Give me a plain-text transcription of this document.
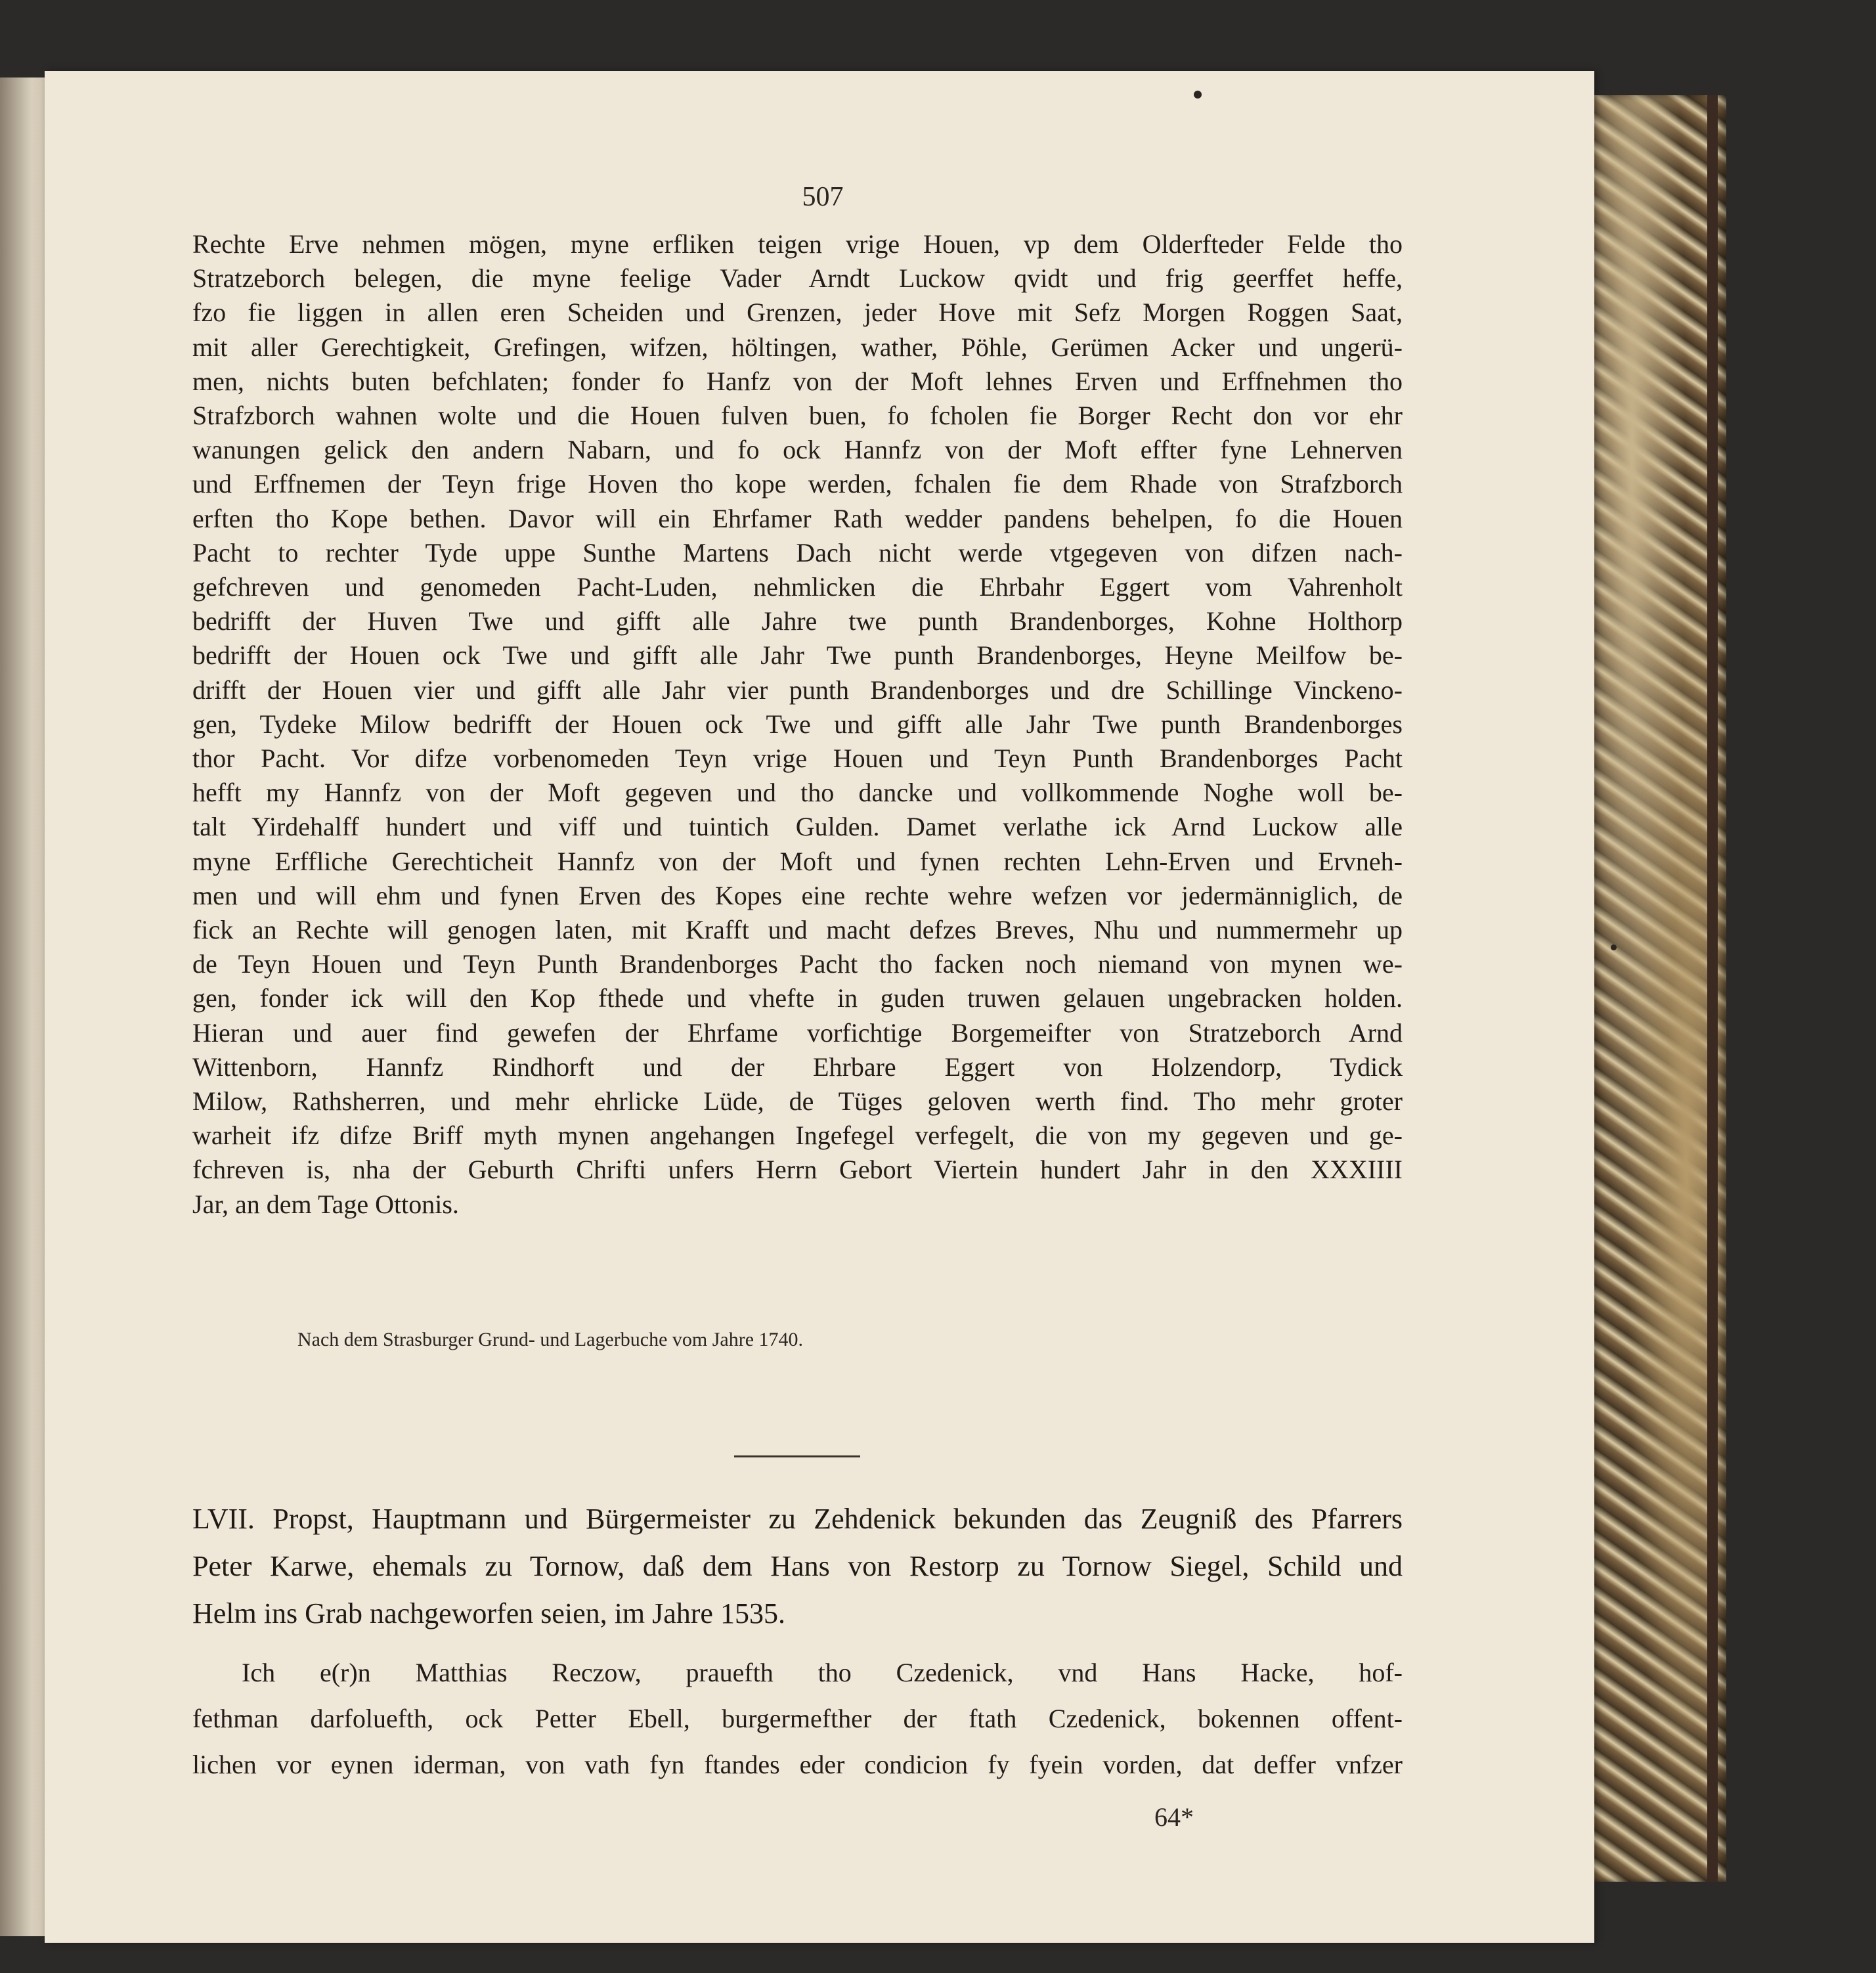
507
Rechte Erve nehmen mögen, myne erfliken teigen vrige Houen, vp dem Olderfteder Felde tho
Stratzeborch belegen, die myne feelige Vader Arndt Luckow qvidt und frig geerffet heffe,
fzo fie liggen in allen eren Scheiden und Grenzen, jeder Hove mit Sefz Morgen Roggen Saat,
mit aller Gerechtigkeit, Grefingen, wifzen, höltingen, wather, Pöhle, Gerümen Acker und ungerü-
men, nichts buten befchlaten; fonder fo Hanfz von der Moft lehnes Erven und Erffnehmen tho
Strafzborch wahnen wolte und die Houen fulven buen, fo fcholen fie Borger Recht don vor ehr
wanungen gelick den andern Nabarn, und fo ock Hannfz von der Moft effter fyne Lehnerven
und Erffnemen der Teyn frige Hoven tho kope werden, fchalen fie dem Rhade von Strafzborch
erften tho Kope bethen. Davor will ein Ehrfamer Rath wedder pandens behelpen, fo die Houen
Pacht to rechter Tyde uppe Sunthe Martens Dach nicht werde vtgegeven von difzen nach-
gefchreven und genomeden Pacht-Luden, nehmlicken die Ehrbahr Eggert vom Vahrenholt
bedrifft der Huven Twe und gifft alle Jahre twe punth Brandenborges, Kohne Holthorp
bedrifft der Houen ock Twe und gifft alle Jahr Twe punth Brandenborges, Heyne Meilfow be-
drifft der Houen vier und gifft alle Jahr vier punth Brandenborges und dre Schillinge Vinckeno-
gen, Tydeke Milow bedrifft der Houen ock Twe und gifft alle Jahr Twe punth Brandenborges
thor Pacht. Vor difze vorbenomeden Teyn vrige Houen und Teyn Punth Brandenborges Pacht
hefft my Hannfz von der Moft gegeven und tho dancke und vollkommende Noghe woll be-
talt Yirdehalff hundert und viff und tuintich Gulden. Damet verlathe ick Arnd Luckow alle
myne Erffliche Gerechticheit Hannfz von der Moft und fynen rechten Lehn-Erven und Ervneh-
men und will ehm und fynen Erven des Kopes eine rechte wehre wefzen vor jedermänniglich, de
fick an Rechte will genogen laten, mit Krafft und macht defzes Breves, Nhu und nummermehr up
de Teyn Houen und Teyn Punth Brandenborges Pacht tho facken noch niemand von mynen we-
gen, fonder ick will den Kop fthede und vhefte in guden truwen gelauen ungebracken holden.
Hieran und auer find gewefen der Ehrfame vorfichtige Borgemeifter von Stratzeborch Arnd
Wittenborn, Hannfz Rindhorft und der Ehrbare Eggert von Holzendorp, Tydick
Milow, Rathsherren, und mehr ehrlicke Lüde, de Tüges geloven werth find. Tho mehr groter
warheit ifz difze Briff myth mynen angehangen Ingefegel verfegelt, die von my gegeven und ge-
fchreven is, nha der Geburth Chrifti unfers Herrn Gebort Viertein hundert Jahr in den XXXIIII
Jar, an dem Tage Ottonis.
Nach dem Strasburger Grund- und Lagerbuche vom Jahre 1740.
LVII. Propst, Hauptmann und Bürgermeister zu Zehdenick bekunden das Zeugniß des Pfarrers
Peter Karwe, ehemals zu Tornow, daß dem Hans von Restorp zu Tornow Siegel, Schild und
Helm ins Grab nachgeworfen seien, im Jahre 1535.
Ich e(r)n Matthias Reczow, prauefth tho Czedenick, vnd Hans Hacke, hof-
fethman darfoluefth, ock Petter Ebell, burgermefther der ftath Czedenick, bokennen offent-
lichen vor eynen iderman, von vath fyn ftandes eder condicion fy fyein vorden, dat deffer vnfzer
64*
